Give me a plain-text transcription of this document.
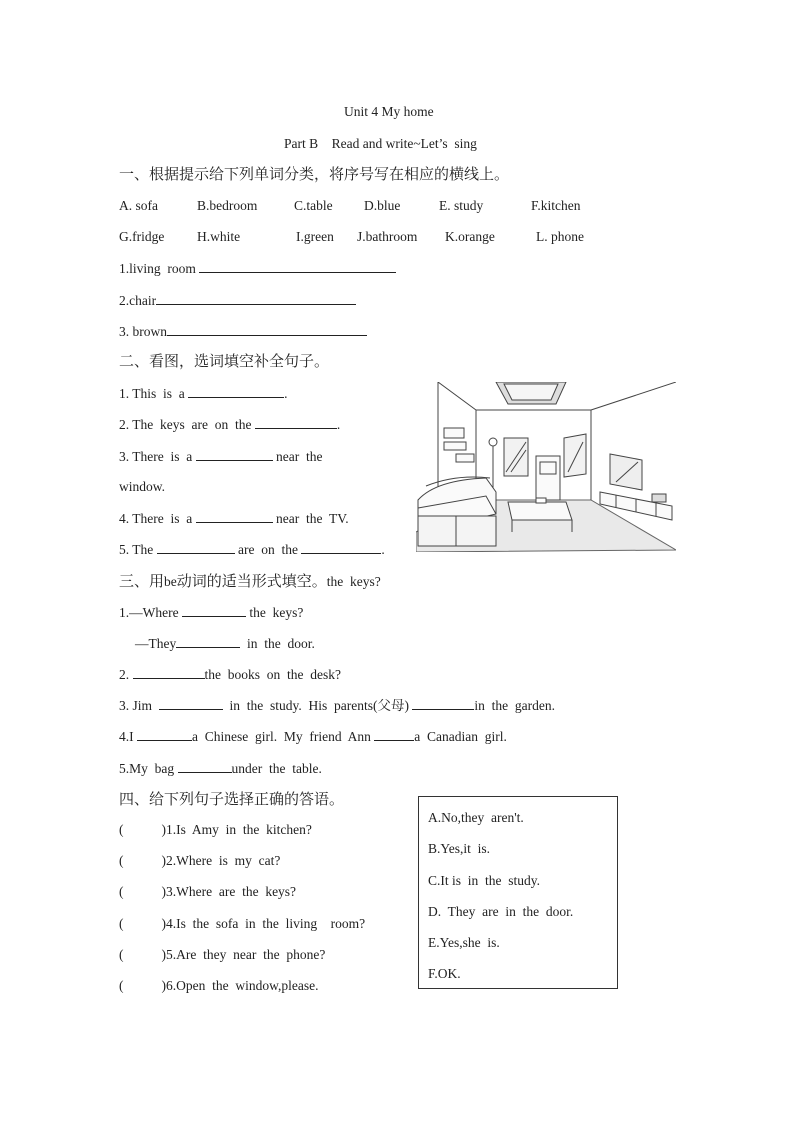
Unit 4 My home
Part B    Read and write~Let’s  sing
一、根据提示给下列单词分类，将序号写在相应的横线上。
A. sofa	B.bedroom	C.table D.blue	E. study	F.kitchen
G.fridge H.white	I.green J.bathroom K.orange	L. phone
1.living  room
2.chair
3. brown
二、看图，选词填空补全句子。
1. This  is  a	.
2. The  keys  are  on  the	.
3. There  is  a	near  the
window.
4. There  is  a	near  the  TV.
5. The	are  on  the	.
三、用be动词的适当形式填空。the  keys?
1.—Where	the  keys?
—They	in  the  door.
2.	the  books  on  the  desk?
3. Jim	in  the  study.  His  parents(父母)	in  the  garden.
4.I	a  Chinese  girl.  My  friend  Ann	a  Canadian  girl.
5.My  bag	under  the  table.
四、给下列句子选择正确的答语。
(	)1.Is  Amy  in  the  kitchen?
(	)2.Where  is  my  cat?
(	)3.Where  are  the  keys?
(	)4.Is  the  sofa  in  the  living    room?
(	)5.Are  they  near  the  phone?
(	)6.Open  the  window,please.
A.No,they  aren't.
B.Yes,it  is.
C.It is  in  the  study.
D.  They  are  in  the  door.
E.Yes,she  is.
F.OK.
